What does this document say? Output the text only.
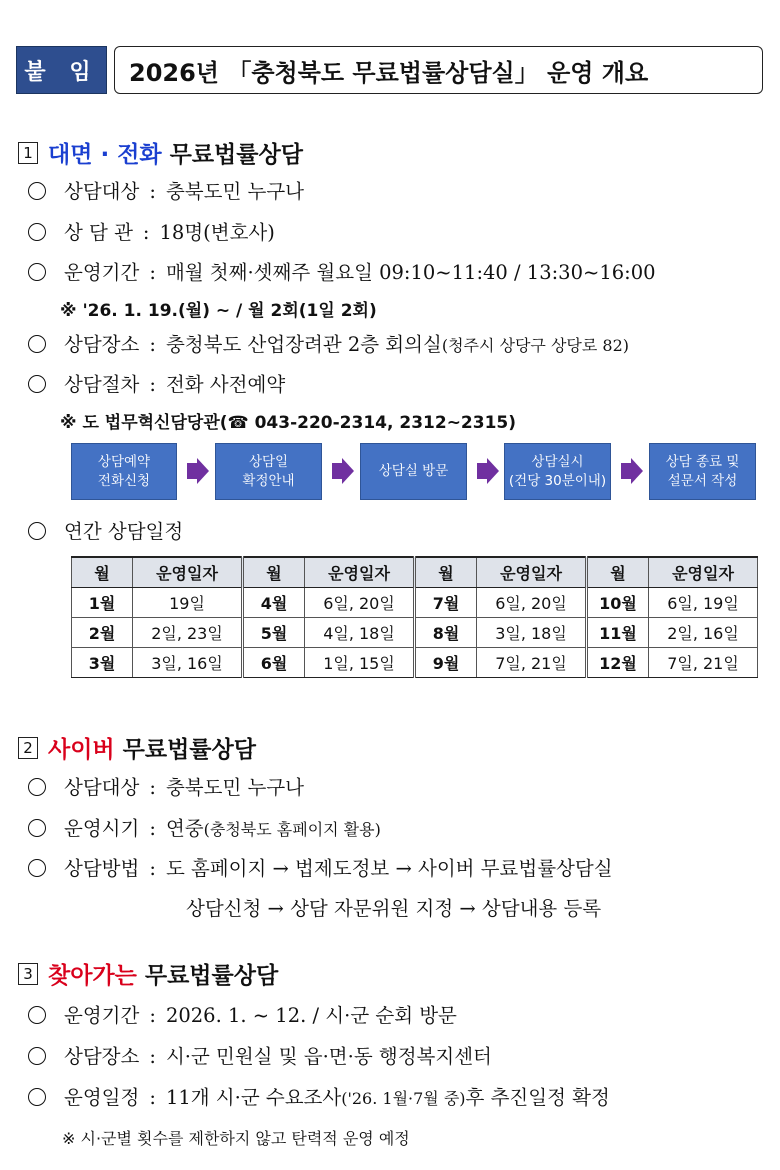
붙 임	2026년 「충청북도 무료법률상담실」 운영 개요
1 대면 · 전화 무료법률상담
상담대상 : 충북도민 누구나
상 담 관 : 18명(변호사)
운영기간 : 매월 첫째·셋째주 월요일 09:10~11:40 / 13:30~16:00
※ '26. 1. 19.(월) ~ / 월 2회(1일 2회)
상담장소 : 충청북도 산업장려관 2층 회의실 (청주시 상당구 상당로 82)
상담절차 : 전화 사전예약
※ 도 법무혁신담당관(☎ 043-220-2314, 2312~2315)
상담예약
전화신청
상담일
확정안내
상담실 방문
상담실시
(건당 30분이내)
상담 종료 및
설문서 작성
연간 상담일정
월	운영일자	월	운영일자	월	운영일자	월	운영일자
1월	19일	4월	6일, 20일	7월	6일, 20일	10월	6일, 19일
2월	2일, 23일	5월	4일, 18일	8월	3일, 18일	11월	2일, 16일
3월	3일, 16일	6월	1일, 15일	9월	7일, 21일	12월	7일, 21일
2 사이버 무료법률상담
상담대상 : 충북도민 누구나
운영시기 : 연중 (충청북도 홈페이지 활용)
상담방법 : 도 홈페이지 → 법제도정보 → 사이버 무료법률상담실
상담신청 → 상담 자문위원 지정 → 상담내용 등록
3 찾아가는 무료법률상담
운영기간 : 2026. 1. ~ 12. / 시·군 순회 방문
상담장소 : 시·군 민원실 및 읍·면·동 행정복지센터
운영일정 : 11개 시·군 수요조사 ('26. 1월·7월 중) 후 추진일정 확정
※ 시·군별 횟수를 제한하지 않고 탄력적 운영 예정
